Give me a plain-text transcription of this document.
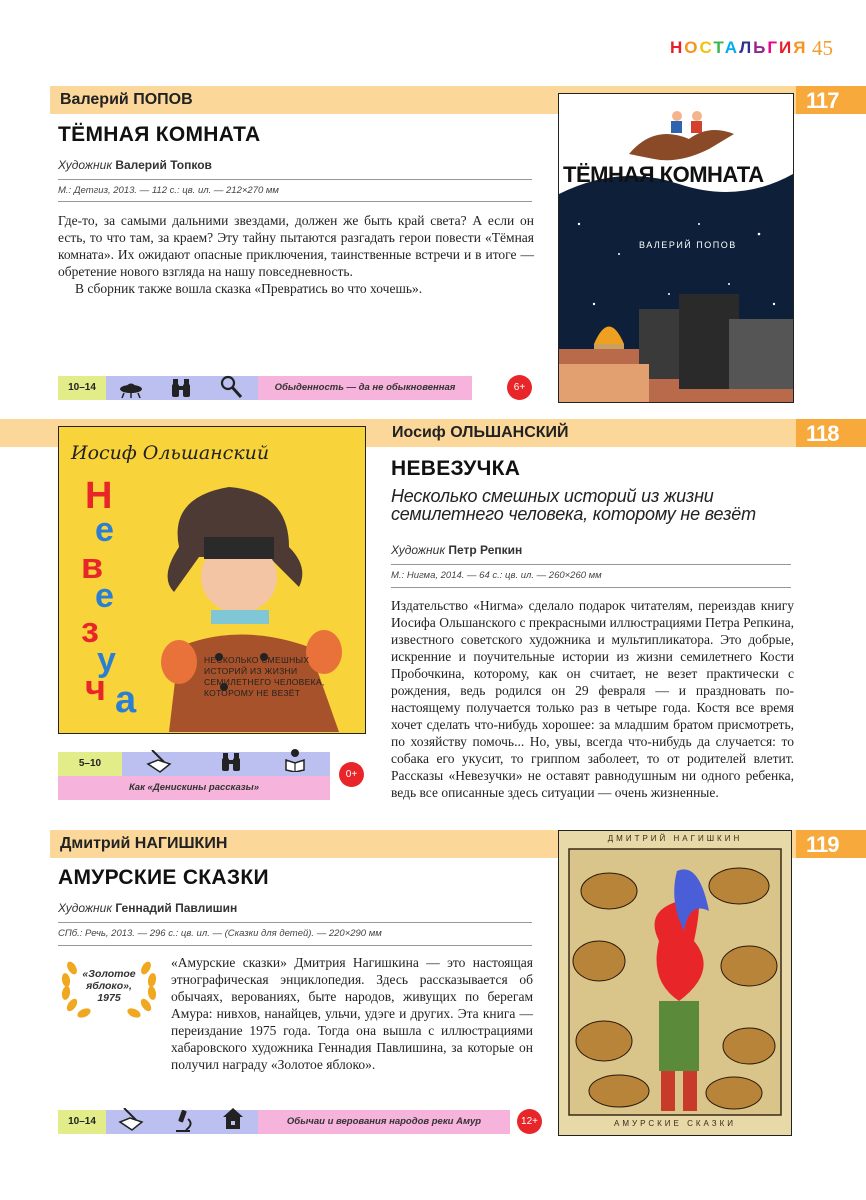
НОСТАЛЬГИЯ 45
117
Валерий ПОПОВ
ТЁМНАЯ КОМНАТА
Художник Валерий Топков
М.: Детгиз, 2013. — 112 с.: цв. ил. — 212×270 мм

Где-то, за самыми дальними звездами, должен же быть край света? А если он есть, то что там, за краем? Эту тайну пытаются разгадать герои повести «Тёмная комната». Их ожидают опасные приключения, таинственные встречи и в итоге — обретение нового взгляда на нашу повседневность.

В сборник также вошла сказка «Превратись во что хочешь».

10–14	Обыденность — да не обыкновенная	6+
ТЁМНАЯ КОМНАТА
ВАЛЕРИЙ ПОПОВ
118
Иосиф ОЛЬШАНСКИЙ
Иосиф Ольшанский
Н
е
в
е
з
у
ч а
НЕСКОЛЬКО СМЕШНЫХ ИСТОРИЙ ИЗ ЖИЗНИ СЕМИЛЕТНЕГО ЧЕЛОВЕКА, КОТОРОМУ НЕ ВЕЗЁТ
НЕВЕЗУЧКА
Несколько смешных историй из жизни семилетнего человека, которому не везёт
Художник Петр Репкин
М.: Нигма, 2014. — 64 с.: цв. ил. — 260×260 мм

Издательство «Нигма» сделало подарок читателям, переиздав книгу Иосифа Ольшанского с прекрасными иллюстрациями Петра Репкина, известного советского художника и мультипликатора. Это добрые, искренние и поучительные истории из жизни семилетнего Кости Пробочкина, которому, как он считает, не везет практически с рождения, ведь родился он 29 февраля — и праздновать по-настоящему получается только раз в четыре года. Костя все время хочет сделать что-нибудь хорошее: за младшим братом присмотреть, по хозяйству помочь... Но, увы, всегда что-нибудь да случается: то собака его укусит, то гриппом заболеет, то от родителей влетит. Рассказы «Невезучки» не оставят равнодушным ни одного ребенка, ведь все описанные здесь ситуации — очень жизненные.

5–10
Как «Денискины рассказы»
0+
119
Дмитрий НАГИШКИН
АМУРСКИЕ СКАЗКИ
Художник Геннадий Павлишин
СПб.: Речь, 2013. — 296 с.: цв. ил. — (Сказки для детей). — 220×290 мм
«Золотое яблоко», 1975

«Амурские сказки» Дмитрия Нагишкина — это настоящая этнографическая энциклопедия. Здесь рассказывается об обычаях, верованиях, быте народов, живущих по берегам Амура: нивхов, нанайцев, ульчи, удэге и других. Эта книга — переиздание 1975 года. Тогда она вышла с иллюстрациями хабаровского художника Геннадия Павлишина, за которые он получил награду «Золотое яблоко».

10–14	Обычаи и верования народов реки Амур	12+
ДМИТРИЙ НАГИШКИН
АМУРСКИЕ СКАЗКИ
